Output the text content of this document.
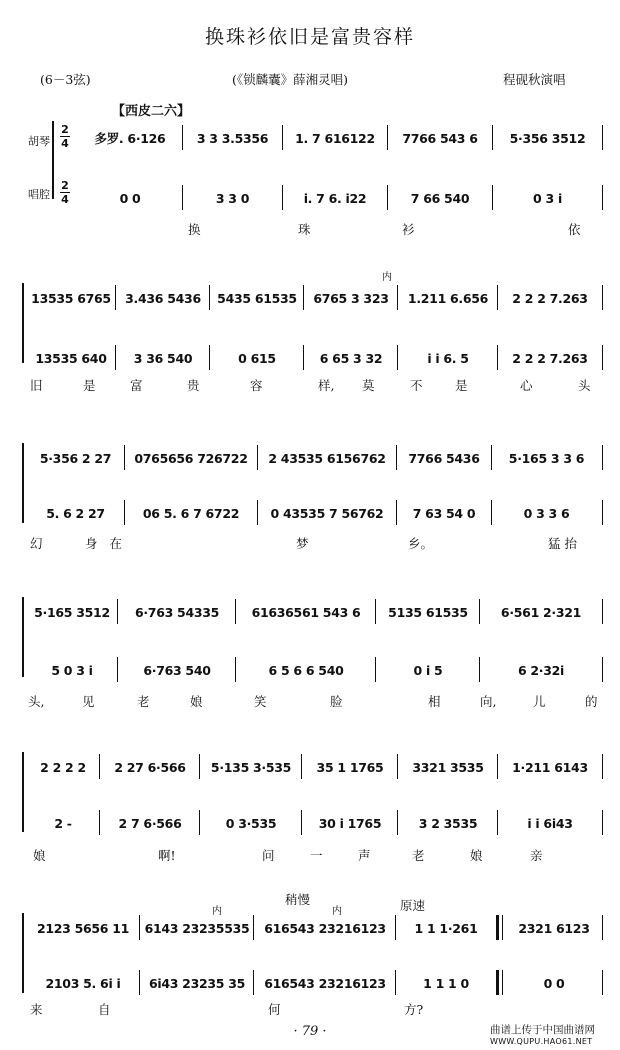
换珠衫依旧是富贵容样
(6－3弦)	(《锁麟囊》薛湘灵唱)	程砚秋演唱
【西皮二六】
胡琴
唱腔
2
4
2
4
多罗. 6·126	3 3 3.5356	1. 7 616122	7766 543 6	5·356 3512
0 0	3 3 0	i. 7 6. i22	7 66 540	0 3 i
换	珠	衫	依
内
13535 6765	3.436 5436	5435 61535	6765 3 323	1.211 6.656	2 2 2 7.263
13535 640	3 36 540	0 615	6 65 3 32	i i 6. 5	2 2 2 7.263
旧	是	富	贵	容	样, 莫	不	是	心	头
5·356 2 27	0765656 726722	2 43535 6156762	7766 5436	5·165 3 3 6
5. 6 2 27	06 5. 6 7 6722	0 43535 7 56762	7 63 54 0	0 3 3 6
幻	身在	梦	乡。	猛抬
5·165 3512	6·763 54335	61636561 543 6	5135 61535	6·561 2·321
5 0 3 i	6·763 540	6 5 6 6 540	0 i 5	6 2·32i
头,	见	老	娘	笑	脸	相	向,	儿	的
2 2 2 2	2 27 6·566	5·135 3·535	35 1 1765	3321 3535	1·211 6143
2 -	2 7 6·566	0 3·535	30 i 1765	3 2 3535	i i 6i43
娘	啊!	问	一	声	老	娘	亲
稍慢	原速
内	内
2123 5656 11	6143 23235535	616543 23216123	1 1 1·261	2321 6123
2103 5. 6i i	6i43 23235 35	616543 23216123	1 1 1 0	0 0
来	自	何	方?
· 79 ·	曲谱上传于中国曲谱网
WWW.QUPU.HAO61.NET
